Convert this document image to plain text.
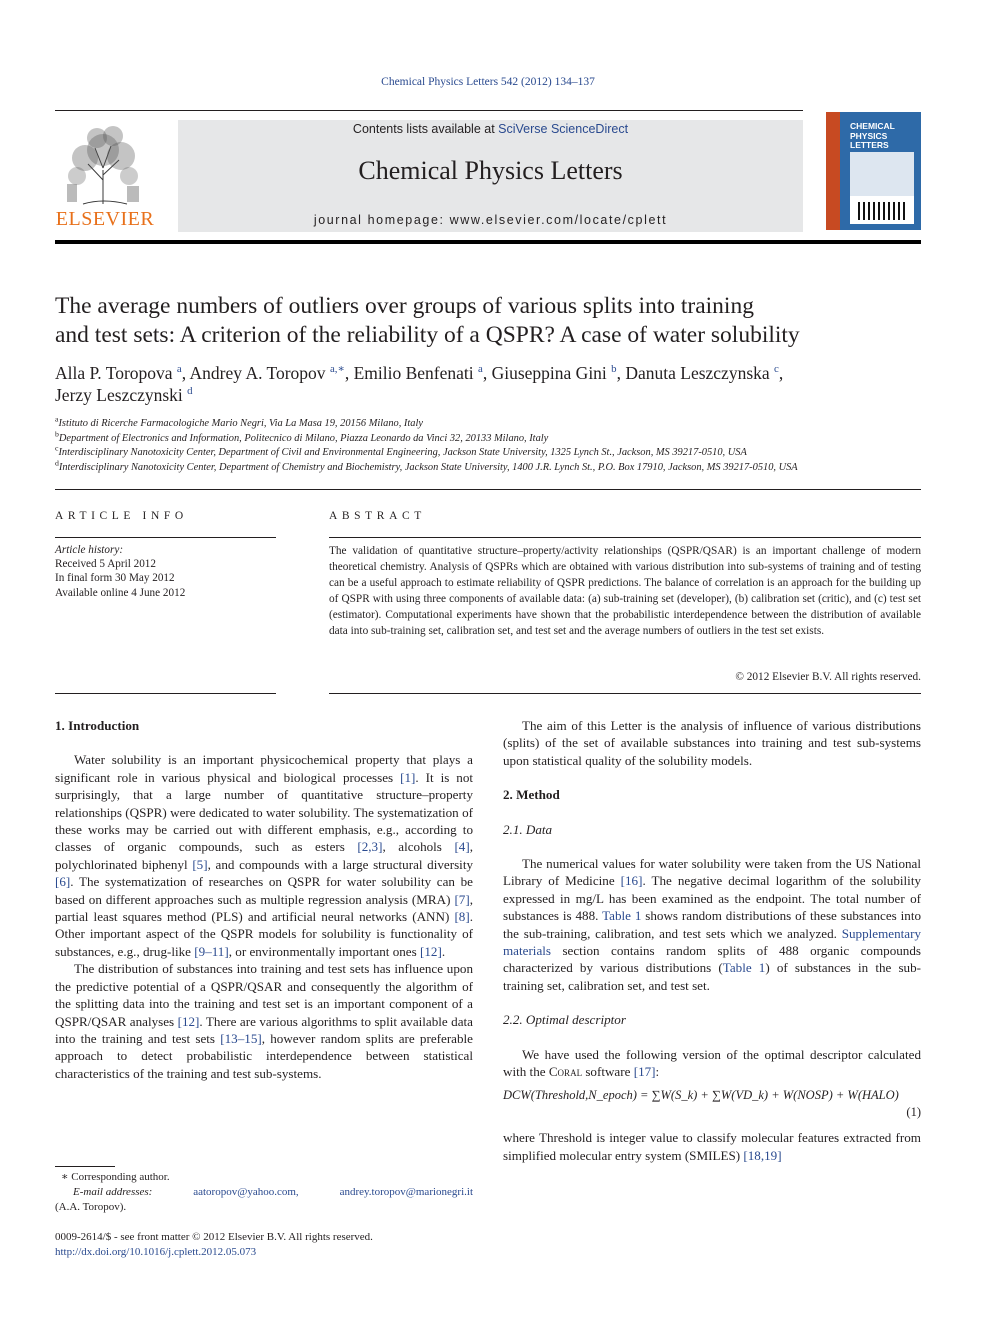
Chemical Physics Letters 542 (2012) 134–137
ELSEVIER
Contents lists available at SciVerse ScienceDirect
Chemical Physics Letters
journal homepage: www.elsevier.com/locate/cplett
CHEMICAL PHYSICS LETTERS
The average numbers of outliers over groups of various splits into training
and test sets: A criterion of the reliability of a QSPR? A case of water solubility
Alla P. Toropova $^a$, Andrey A. Toropov $^{a,∗}$, Emilio Benfenati $^a$, Giuseppina Gini $^b$, Danuta Leszczynska $^c$,
Jerzy Leszczynski $^d$
$^a$Istituto di Ricerche Farmacologiche Mario Negri, Via La Masa 19, 20156 Milano, Italy
$^b$Department of Electronics and Information, Politecnico di Milano, Piazza Leonardo da Vinci 32, 20133 Milano, Italy
$^c$Interdisciplinary Nanotoxicity Center, Department of Civil and Environmental Engineering, Jackson State University, 1325 Lynch St., Jackson, MS 39217-0510, USA
$^d$Interdisciplinary Nanotoxicity Center, Department of Chemistry and Biochemistry, Jackson State University, 1400 J.R. Lynch St., P.O. Box 17910, Jackson, MS 39217-0510, USA
ARTICLE INFO	ABSTRACT
Article history:
Received 5 April 2012
In final form 30 May 2012
Available online 4 June 2012
The validation of quantitative structure–property/activity relationships (QSPR/QSAR) is an important challenge of modern theoretical chemistry. Analysis of QSPRs which are obtained with various distribution into sub-systems of training and of testing can be a useful approach to estimate reliability of QSPR predictions. The balance of correlation is an approach for the building up of QSPR with using three components of available data: (a) sub-training set (developer), (b) calibration set (critic), and (c) test set (estimator). Computational experiments have shown that the probabilistic interdependence between the distribution of available data into sub-training set, calibration set, and test set and the average numbers of outliers in the test set exists.
© 2012 Elsevier B.V. All rights reserved.
1. Introduction

Water solubility is an important physicochemical property that plays a significant role in various physical and biological processes [1]. It is not surprisingly, that a large number of quantitative structure–property relationships (QSPR) were dedicated to water solubility. The systematization of these works may be carried out with different emphasis, e.g., according to classes of organic compounds, such as esters [2,3], alcohols [4], polychlorinated biphenyl [5], and compounds with a large structural diversity [6]. The systematization of researches on QSPR for water solubility can be based on different approaches such as multiple regression analysis (MRA) [7], partial least squares method (PLS) and artificial neural networks (ANN) [8]. Other important aspect of the QSPR models for solubility is functionality of substances, e.g., drug-like [9–11], or environmentally important ones [12].

The distribution of substances into training and test sets has influence upon the predictive potential of a QSPR/QSAR and consequently the algorithm of the splitting data into the training and test set is an important component of a QSPR/QSAR analyses [12]. There are various algorithms to split available data into the training and test sets [13–15], however random splits are preferable approach to detect probabilistic interdependence between statistical characteristics of the training and test sub-systems.

The aim of this Letter is the analysis of influence of various distributions (splits) of the set of available substances into training and test sub-systems upon statistical quality of the solubility models.

2. Method
2.1. Data

The numerical values for water solubility were taken from the US National Library of Medicine [16]. The negative decimal logarithm of the solubility expressed in mg/L has been examined as the endpoint. The total number of substances is 488. Table 1 shows random distributions of these substances into the sub-training, calibration, and test sets which we analyzed. Supplementary materials section contains random splits of 488 organic compounds characterized by various distributions (Table 1) of substances in the sub-training set, calibration set, and test set.

2.2. Optimal descriptor

We have used the following version of the optimal descriptor calculated with the Coral software [17]:

DCW(Threshold,N_epoch) = ∑W(S_k) + ∑W(VD_k) + W(NOSP) + W(HALO)
(1)

where Threshold is integer value to classify molecular features extracted from simplified molecular entry system (SMILES) [18,19]

∗ Corresponding author.
E-mail addresses:	aatoropov@yahoo.com,	andrey.toropov@marionegri.it
(A.A. Toropov).
0009-2614/$ - see front matter © 2012 Elsevier B.V. All rights reserved.
http://dx.doi.org/10.1016/j.cplett.2012.05.073
